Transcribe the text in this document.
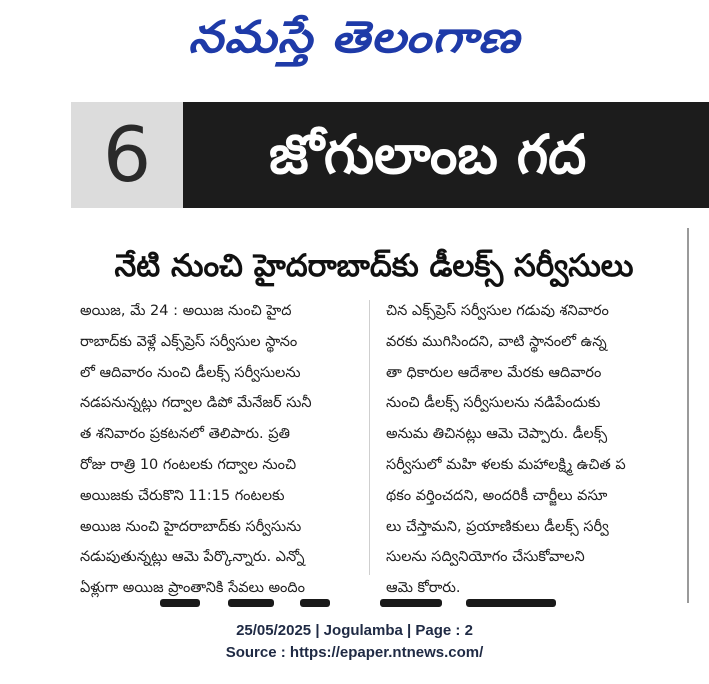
నమస్తే తెలంగాణ
6	జోగులాంబ గద
నేటి నుంచి హైదరాబాద్‌కు డీలక్స్ సర్వీసులు
అయిజ, మే 24 : అయిజ నుంచి హైద
రాబాద్‌కు వెళ్లే ఎక్స్‌ప్రెస్ సర్వీసుల స్థానం
లో ఆదివారం నుంచి డీలక్స్ సర్వీసులను
నడపనున్నట్లు గద్వాల డిపో మేనేజర్ సునీ
త శనివారం ప్రకటనలో తెలిపారు. ప్రతి
రోజు రాత్రి 10 గంటలకు గద్వాల నుంచి
అయిజకు చేరుకొని 11:15 గంటలకు
అయిజ నుంచి హైదరాబాద్‌కు సర్వీసును
నడుపుతున్నట్లు ఆమె పేర్కొన్నారు. ఎన్నో
ఏళ్లుగా అయిజ ప్రాంతానికి సేవలు అందిం
చిన ఎక్స్‌ప్రెస్ సర్వీసుల గడువు శనివారం
వరకు ముగిసిందని, వాటి స్థానంలో ఉన్న
తా ధికారుల ఆదేశాల మేరకు ఆదివారం
నుంచి డీలక్స్ సర్వీసులను నడిపేందుకు
అనుమ తిచినట్లు ఆమె చెప్పారు. డీలక్స్
సర్వీసులో మహి ళలకు మహాలక్ష్మి ఉచిత ప
థకం వర్తించదని, అందరికీ చార్జీలు వసూ
లు చేస్తామని, ప్రయాణికులు డీలక్స్ సర్వీ
సులను సద్వినియోగం చేసుకోవాలని
ఆమె కోరారు.
25/05/2025 | Jogulamba | Page : 2
Source : https://epaper.ntnews.com/
